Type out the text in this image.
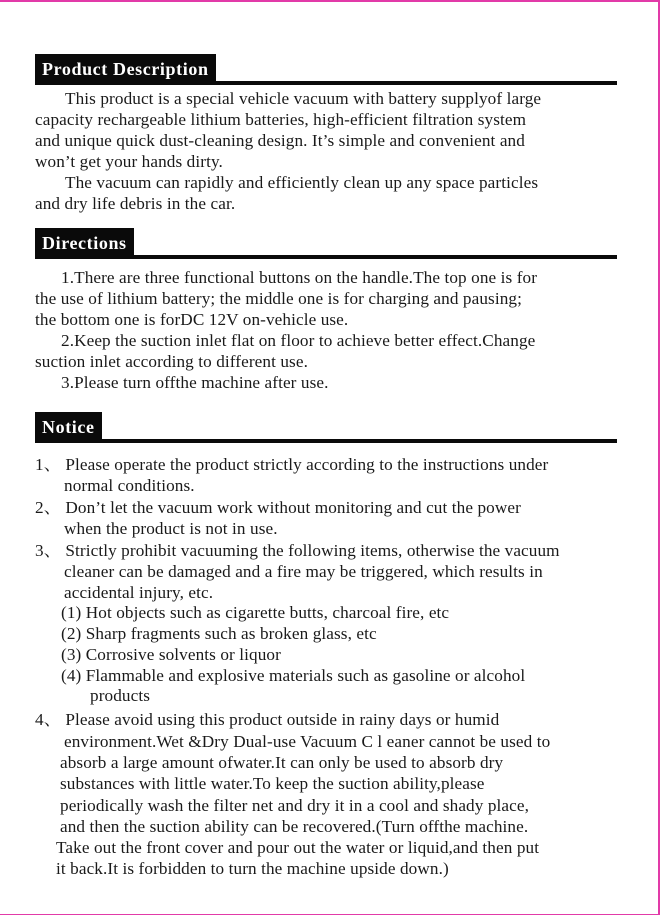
Product Description
This product is a special vehicle vacuum with battery supplyof large
capacity rechargeable lithium batteries, high-efficient filtration system
and unique quick dust-cleaning design. It’s simple and convenient and
won’t get your hands dirty.
The vacuum can rapidly and efficiently clean up any space particles
and dry life debris in the car.
Directions
1.There are three functional buttons on the handle.The top one is for
the use of lithium battery; the middle one is for charging and pausing;
the bottom one is forDC 12V on-vehicle use.
2.Keep the suction inlet flat on floor to achieve better effect.Change
suction inlet according to different use.
3.Please turn offthe machine after use.
Notice
1、 Please operate the product strictly according to the instructions under
normal conditions.
2、 Don’t let the vacuum work without monitoring and cut the power
when the product is not in use.
3、 Strictly prohibit vacuuming the following items, otherwise the vacuum
cleaner can be damaged and a fire may be triggered, which results in
accidental injury, etc.
(1) Hot objects such as cigarette butts, charcoal fire, etc
(2) Sharp fragments such as broken glass, etc
(3) Corrosive solvents or liquor
(4) Flammable and explosive materials such as gasoline or alcohol
products
4、 Please avoid using this product outside in rainy days or humid
environment.Wet &Dry Dual-use Vacuum C l eaner cannot be used to
absorb a large amount ofwater.It can only be used to absorb dry
substances with little water.To keep the suction ability,please
periodically wash the filter net and dry it in a cool and shady place,
and then the suction ability can be recovered.(Turn offthe machine.
Take out the front cover and pour out the water or liquid,and then put
it back.It is forbidden to turn the machine upside down.)
